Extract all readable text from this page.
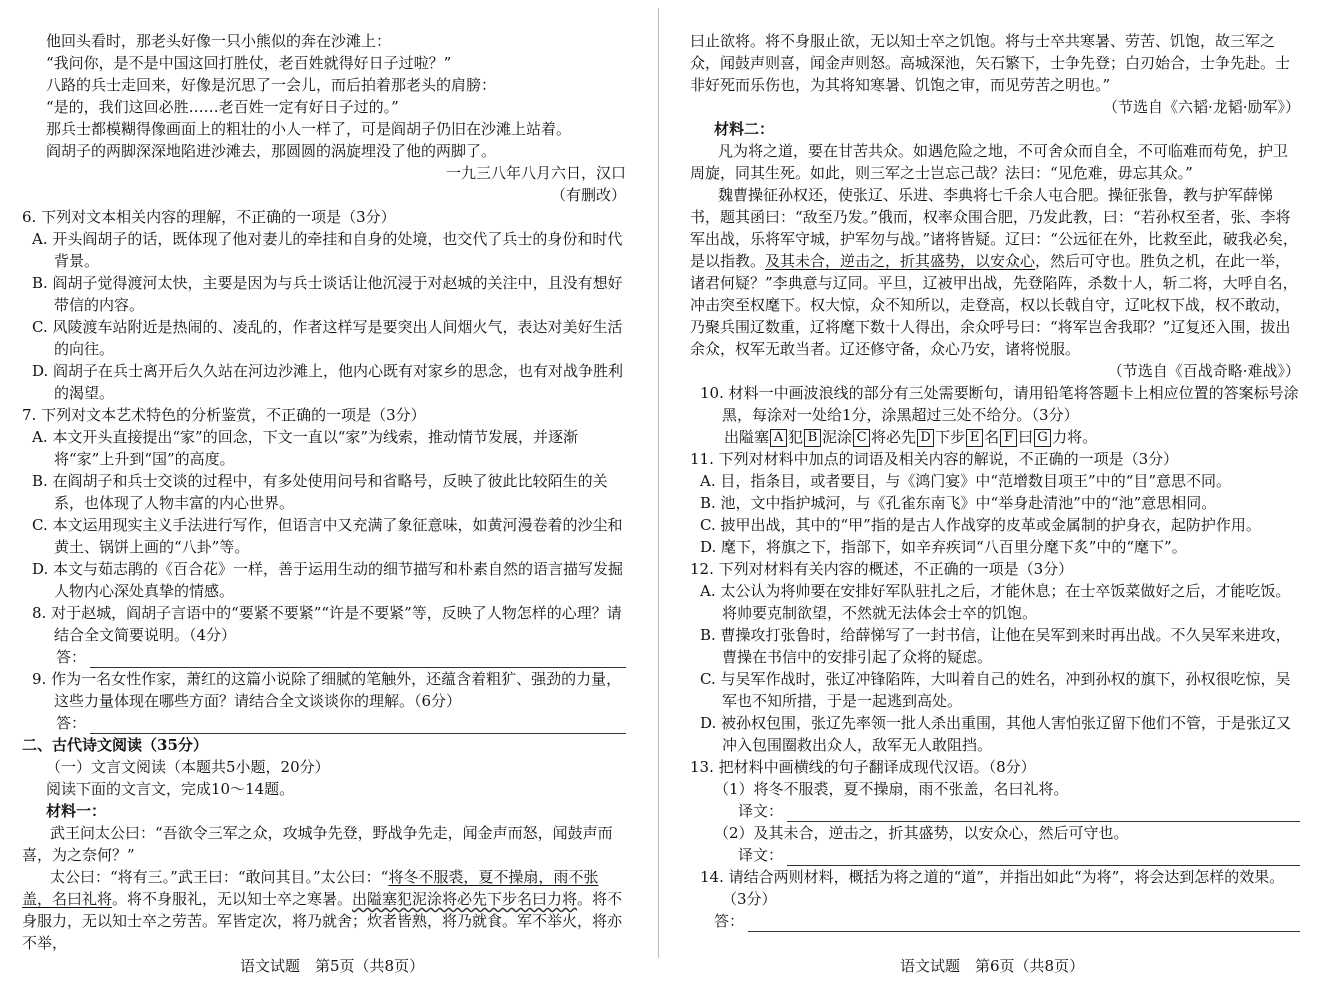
他回头看时，那老头好像一只小熊似的奔在沙滩上：

“我问你，是不是中国这回打胜仗，老百姓就得好日子过啦？”

八路的兵士走回来，好像是沉思了一会儿，而后拍着那老头的肩膀：

“是的，我们这回必胜……老百姓一定有好日子过的。”

那兵士都模糊得像画面上的粗壮的小人一样了，可是阎胡子仍旧在沙滩上站着。

阎胡子的两脚深深地陷进沙滩去，那圆圆的涡旋埋没了他的两脚了。

一九三八年八月六日，汉口

（有删改）

6. 下列对文本相关内容的理解，不正确的一项是（3分）

A. 开头阎胡子的话，既体现了他对妻儿的牵挂和自身的处境，也交代了兵士的身份和时代背景。

B. 阎胡子觉得渡河太快，主要是因为与兵士谈话让他沉浸于对赵城的关注中，且没有想好带信的内容。

C. 风陵渡车站附近是热闹的、凌乱的，作者这样写是要突出人间烟火气，表达对美好生活的向往。

D. 阎胡子在兵士离开后久久站在河边沙滩上，他内心既有对家乡的思念，也有对战争胜利的渴望。

7. 下列对文本艺术特色的分析鉴赏，不正确的一项是（3分）

A. 本文开头直接提出“家”的回念，下文一直以“家”为线索，推动情节发展，并逐渐将“家”上升到“国”的高度。

B. 在阎胡子和兵士交谈的过程中，有多处使用问号和省略号，反映了彼此比较陌生的关系，也体现了人物丰富的内心世界。

C. 本文运用现实主义手法进行写作，但语言中又充满了象征意味，如黄河漫卷着的沙尘和黄土、锅饼上画的“八卦”等。

D. 本文与茹志鹃的《百合花》一样，善于运用生动的细节描写和朴素自然的语言描写发掘人物内心深处真挚的情感。

8. 对于赵城，阎胡子言语中的“要紧不要紧”“许是不要紧”等，反映了人物怎样的心理？请结合全文简要说明。（4分）

答：

9. 作为一名女性作家，萧红的这篇小说除了细腻的笔触外，还蕴含着粗犷、强劲的力量，这些力量体现在哪些方面？请结合全文谈谈你的理解。（6分）

答：

二、古代诗文阅读（35分）

（一）文言文阅读（本题共5小题，20分）

阅读下面的文言文，完成10～14题。

材料一：

武王问太公曰：“吾欲令三军之众，攻城争先登，野战争先走，闻金声而怒，闻鼓声而喜，为之奈何？”

太公曰：“将有三。”武王曰：“敢问其目。”太公曰：“将冬不服裘，夏不操扇，雨不张盖，名曰礼将。将不身服礼，无以知士卒之寒暑。出隘塞犯泥涂将必先下步名曰力将。将不身服力，无以知士卒之劳苦。军皆定次，将乃就舍；炊者皆熟，将乃就食。军不举火，将亦不举，

语文试题　第5页（共8页）

曰止欲将。将不身服止欲，无以知士卒之饥饱。将与士卒共寒暑、劳苦、饥饱，故三军之众，闻鼓声则喜，闻金声则怒。高城深池，矢石繁下，士争先登；白刃始合，士争先赴。士非好死而乐伤也，为其将知寒暑、饥饱之审，而见劳苦之明也。”

（节选自《六韬·龙韬·励军》）

材料二：

凡为将之道，要在甘苦共众。如遇危险之地，不可舍众而自全，不可临难而苟免，护卫周旋，同其生死。如此，则三军之士岂忘己哉？法曰：“见危难，毋忘其众。”

魏曹操征孙权还，使张辽、乐进、李典将七千余人屯合肥。操征张鲁，教与护军薛悌书，题其函曰：“敌至乃发。”俄而，权率众围合肥，乃发此教，曰：“若孙权至者，张、李将军出战，乐将军守城，护军勿与战。”诸将皆疑。辽曰：“公远征在外，比救至此，破我必矣，是以指教。及其未合，逆击之，折其盛势，以安众心，然后可守也。胜负之机，在此一举，诸君何疑？”李典意与辽同。平旦，辽被甲出战，先登陷阵，杀数十人，斩二将，大呼自名，冲击突至权麾下。权大惊，众不知所以，走登高，权以长戟自守，辽叱权下战，权不敢动，乃聚兵围辽数重，辽将麾下数十人得出，余众呼号曰：“将军岂舍我耶？”辽复还入围，拔出余众，权军无敢当者。辽还修守备，众心乃安，诸将悦服。

（节选自《百战奇略·难战》）

10. 材料一中画波浪线的部分有三处需要断句，请用铅笔将答题卡上相应位置的答案标号涂黑，每涂对一处给1分，涂黑超过三处不给分。（3分）

出隘塞 A 犯 B 泥涂 C 将必先 D 下步 E 名 F 曰 G 力将。

11. 下列对材料中加点的词语及相关内容的解说，不正确的一项是（3分）

A. 目，指条目，或者要目，与《鸿门宴》中“范增数目项王”中的“目”意思不同。

B. 池，文中指护城河，与《孔雀东南飞》中“举身赴清池”中的“池”意思相同。

C. 披甲出战，其中的“甲”指的是古人作战穿的皮革或金属制的护身衣，起防护作用。

D. 麾下，将旗之下，指部下，如辛弃疾词“八百里分麾下炙”中的“麾下”。

12. 下列对材料有关内容的概述，不正确的一项是（3分）

A. 太公认为将帅要在安排好军队驻扎之后，才能休息；在士卒饭菜做好之后，才能吃饭。将帅要克制欲望，不然就无法体会士卒的饥饱。

B. 曹操攻打张鲁时，给薛悌写了一封书信，让他在吴军到来时再出战。不久吴军来进攻，曹操在书信中的安排引起了众将的疑虑。

C. 与吴军作战时，张辽冲锋陷阵，大叫着自己的姓名，冲到孙权的旗下，孙权很吃惊，吴军也不知所措，于是一起逃到高处。

D. 被孙权包围，张辽先率领一批人杀出重围，其他人害怕张辽留下他们不管，于是张辽又冲入包围圈救出众人，敌军无人敢阻挡。

13. 把材料中画横线的句子翻译成现代汉语。（8分）

（1）将冬不服裘，夏不操扇，雨不张盖，名曰礼将。

译文：

（2）及其未合，逆击之，折其盛势，以安众心，然后可守也。

译文：

14. 请结合两则材料，概括为将之道的“道”，并指出如此“为将”，将会达到怎样的效果。（3分）

答：
语文试题　第6页（共8页）
